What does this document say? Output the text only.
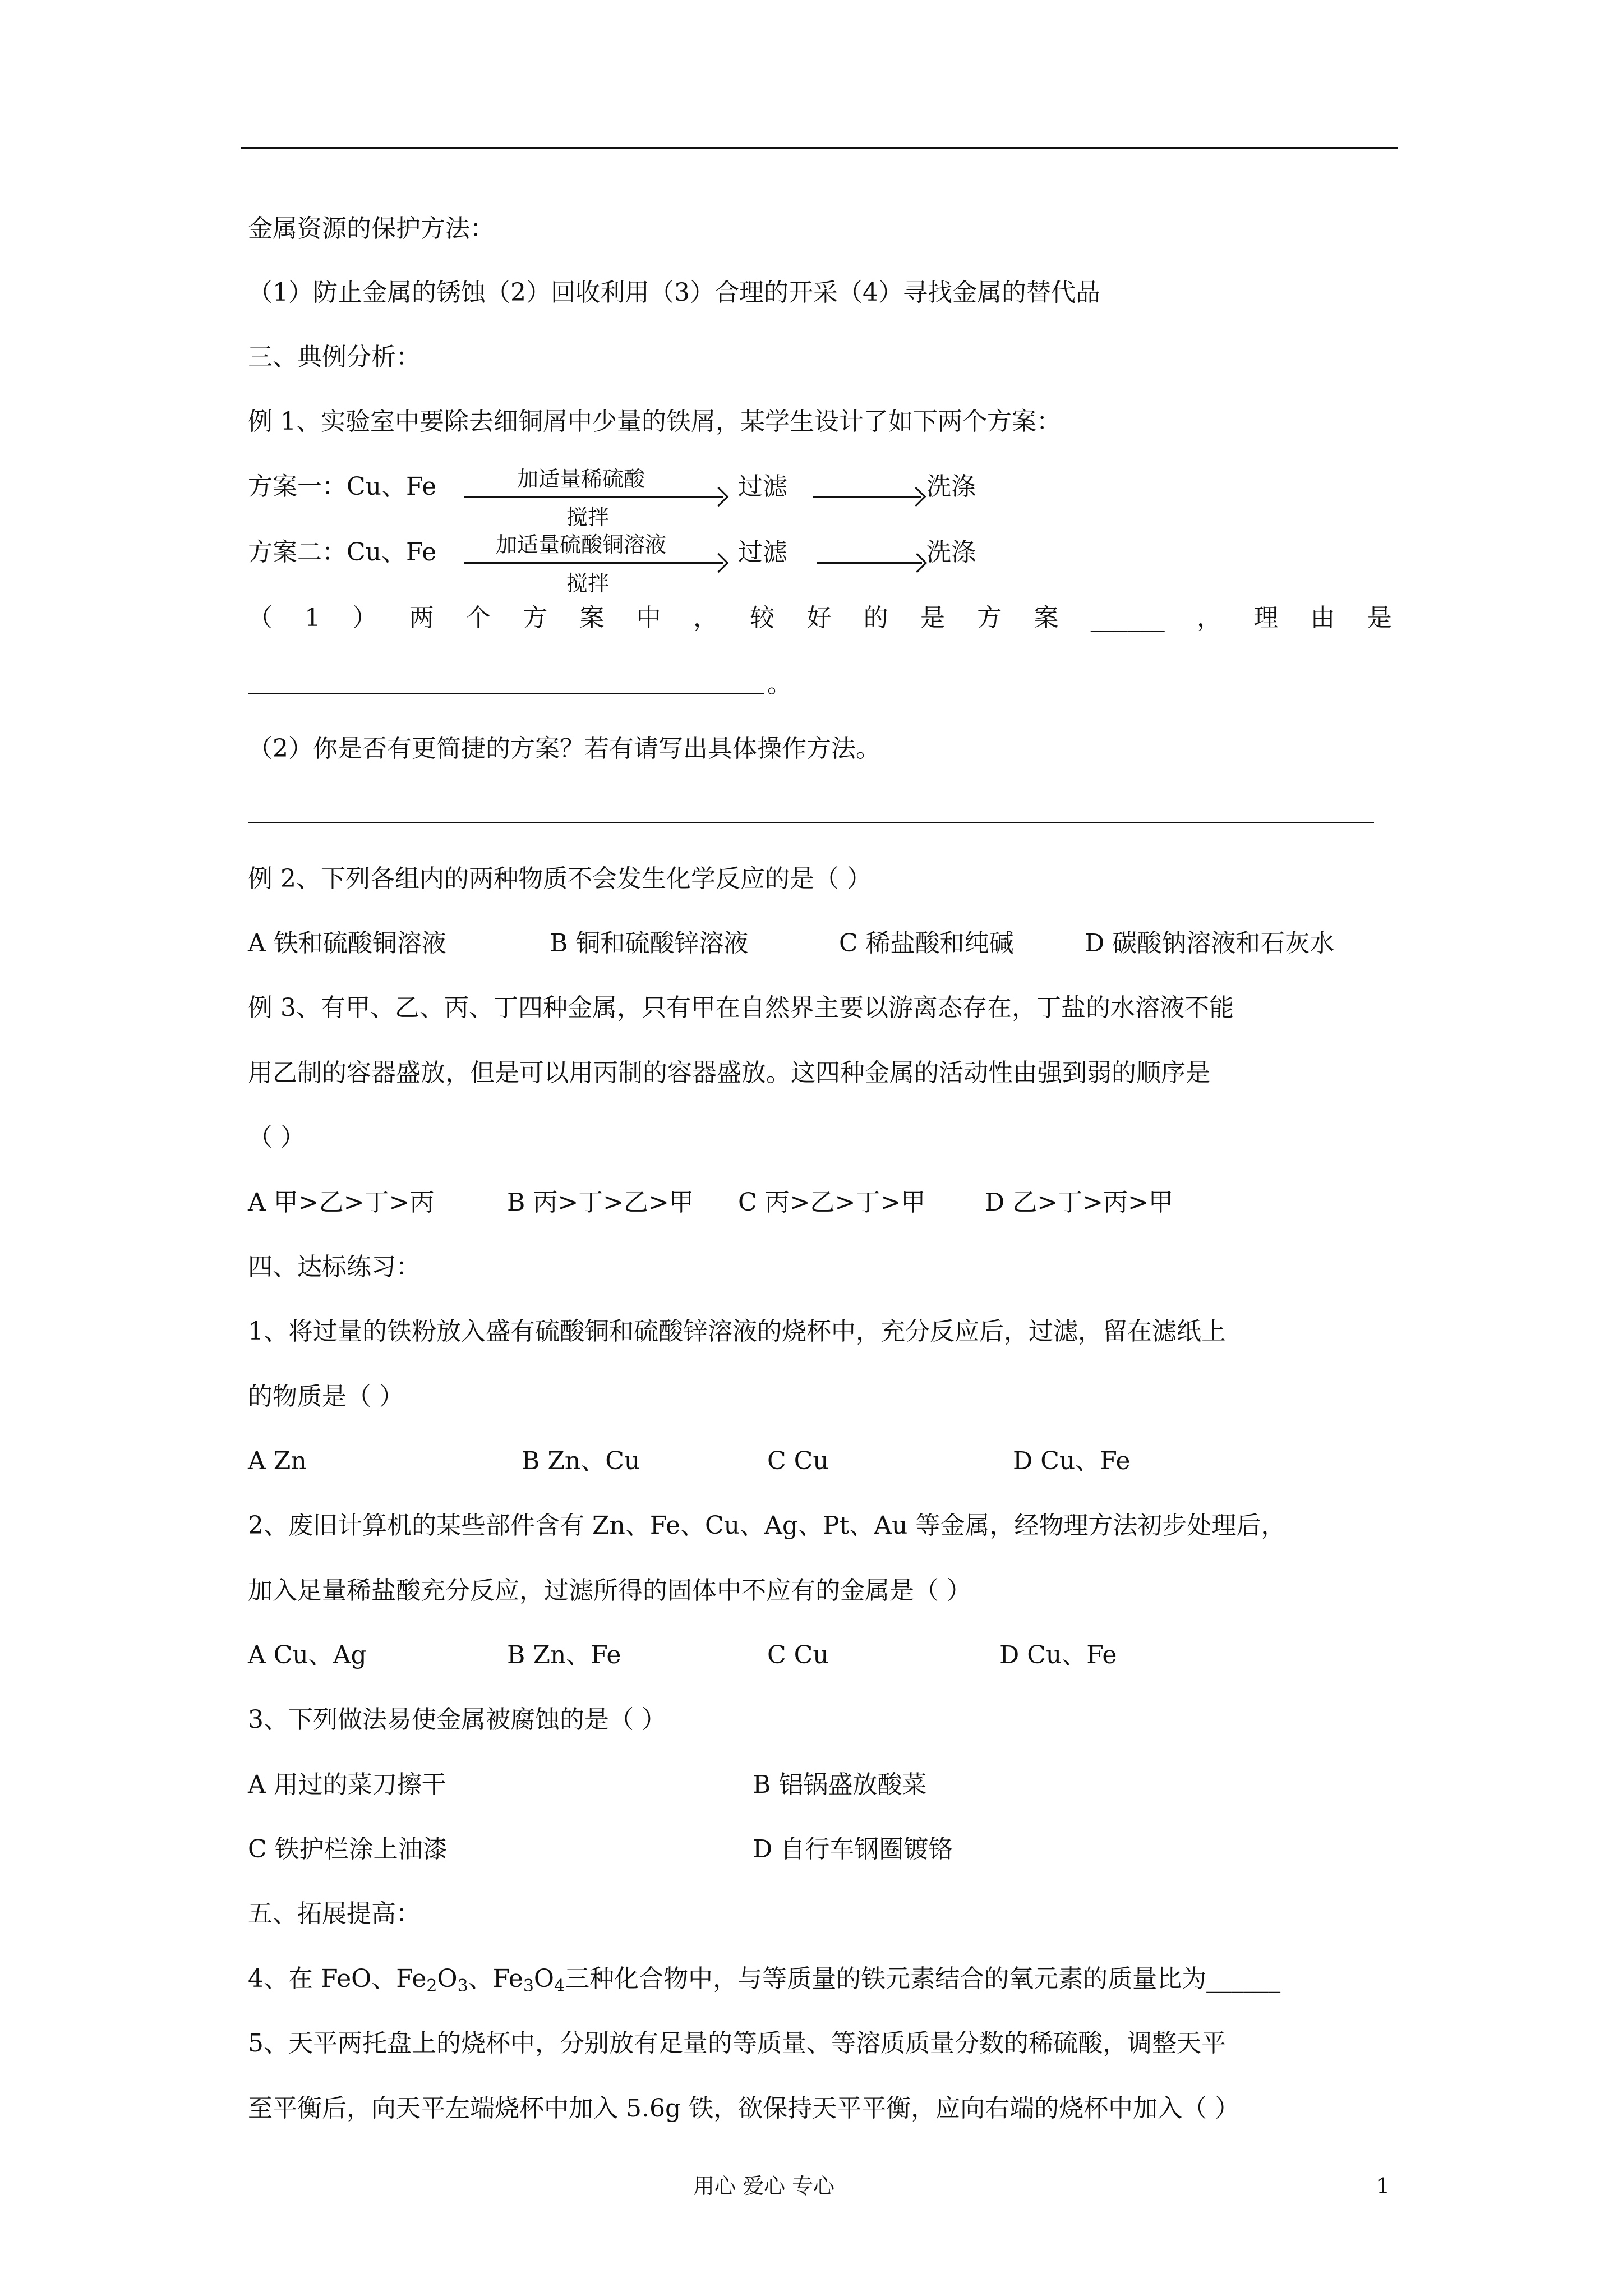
金属资源的保护方法：
（1）防止金属的锈蚀（2）回收利用（3）合理的开采（4）寻找金属的替代品
三、典例分析：
例 1、实验室中要除去细铜屑中少量的铁屑，某学生设计了如下两个方案：
方案一：Cu、Fe	加适量稀硫酸
搅拌
过滤	洗涤
方案二：Cu、Fe	加适量硫酸铜溶液
搅拌
过滤	洗涤
（ 1 ） 两 个 方 案 中 ， 较 好 的 是 方 案 ______ ， 理 由 是
。
（2）你是否有更简捷的方案？若有请写出具体操作方法。
例 2、下列各组内的两种物质不会发生化学反应的是（ ）
A 铁和硫酸铜溶液	B 铜和硫酸锌溶液	C 稀盐酸和纯碱	D 碳酸钠溶液和石灰水
例 3、有甲、乙、丙、丁四种金属，只有甲在自然界主要以游离态存在，丁盐的水溶液不能
用乙制的容器盛放，但是可以用丙制的容器盛放。这四种金属的活动性由强到弱的顺序是
（ ）
A 甲>乙>丁>丙	B 丙>丁>乙>甲 C 丙>乙>丁>甲 D 乙>丁>丙>甲
四、达标练习：
1、将过量的铁粉放入盛有硫酸铜和硫酸锌溶液的烧杯中，充分反应后，过滤，留在滤纸上
的物质是（ ）
A Zn	B Zn、Cu	C Cu	D Cu、Fe
2、废旧计算机的某些部件含有 Zn、Fe、Cu、Ag、Pt、Au 等金属，经物理方法初步处理后，
加入足量稀盐酸充分反应，过滤所得的固体中不应有的金属是（ ）
A Cu、Ag	B Zn、Fe	C Cu	D Cu、Fe
3、下列做法易使金属被腐蚀的是（ ）
A 用过的菜刀擦干	B 铝锅盛放酸菜
C 铁护栏涂上油漆	D 自行车钢圈镀铬
五、拓展提高：
4、在 FeO、$Fe_2O_3$、$Fe_3O_4$三种化合物中，与等质量的铁元素结合的氧元素的质量比为______
5、天平两托盘上的烧杯中，分别放有足量的等质量、等溶质质量分数的稀硫酸，调整天平
至平衡后，向天平左端烧杯中加入 5.6g 铁，欲保持天平平衡，应向右端的烧杯中加入（ ）
用心 爱心 专心	1
